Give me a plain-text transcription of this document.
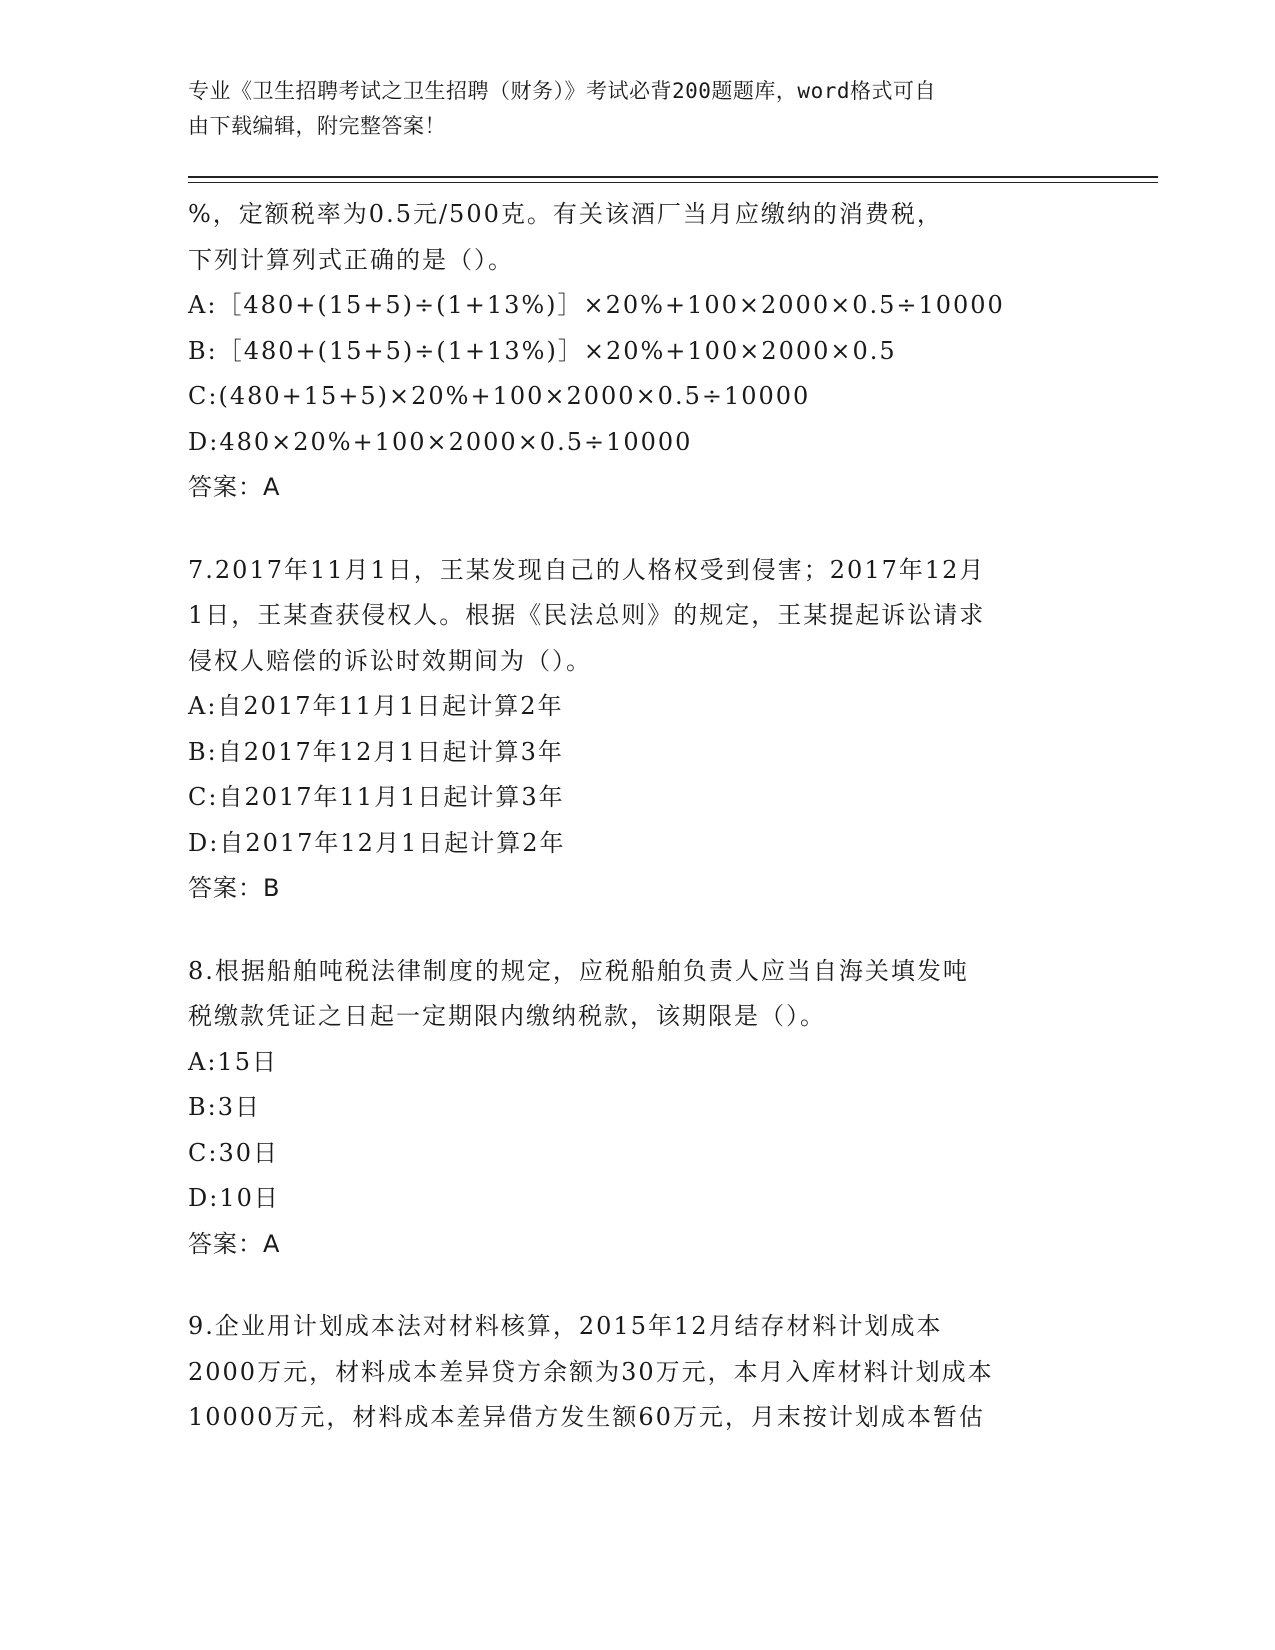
专业《卫生招聘考试之卫生招聘（财务）》考试必背200题题库，word格式可自
由下载编辑，附完整答案！
%，定额税率为0.5元/500克。有关该酒厂当月应缴纳的消费税，
下列计算列式正确的是（）。
A:［480+(15+5)÷(1+13%)］×20%+100×2000×0.5÷10000
B:［480+(15+5)÷(1+13%)］×20%+100×2000×0.5
C:(480+15+5)×20%+100×2000×0.5÷10000
D:480×20%+100×2000×0.5÷10000
答案：A
7.2017年11月1日，王某发现自己的人格权受到侵害；2017年12月
1日，王某查获侵权人。根据《民法总则》的规定，王某提起诉讼请求
侵权人赔偿的诉讼时效期间为（）。
A:自2017年11月1日起计算2年
B:自2017年12月1日起计算3年
C:自2017年11月1日起计算3年
D:自2017年12月1日起计算2年
答案：B
8.根据船舶吨税法律制度的规定，应税船舶负责人应当自海关填发吨
税缴款凭证之日起一定期限内缴纳税款，该期限是（）。
A:15日
B:3日
C:30日
D:10日
答案：A
9.企业用计划成本法对材料核算，2015年12月结存材料计划成本
2000万元，材料成本差异贷方余额为30万元，本月入库材料计划成本
10000万元，材料成本差异借方发生额60万元，月末按计划成本暂估
